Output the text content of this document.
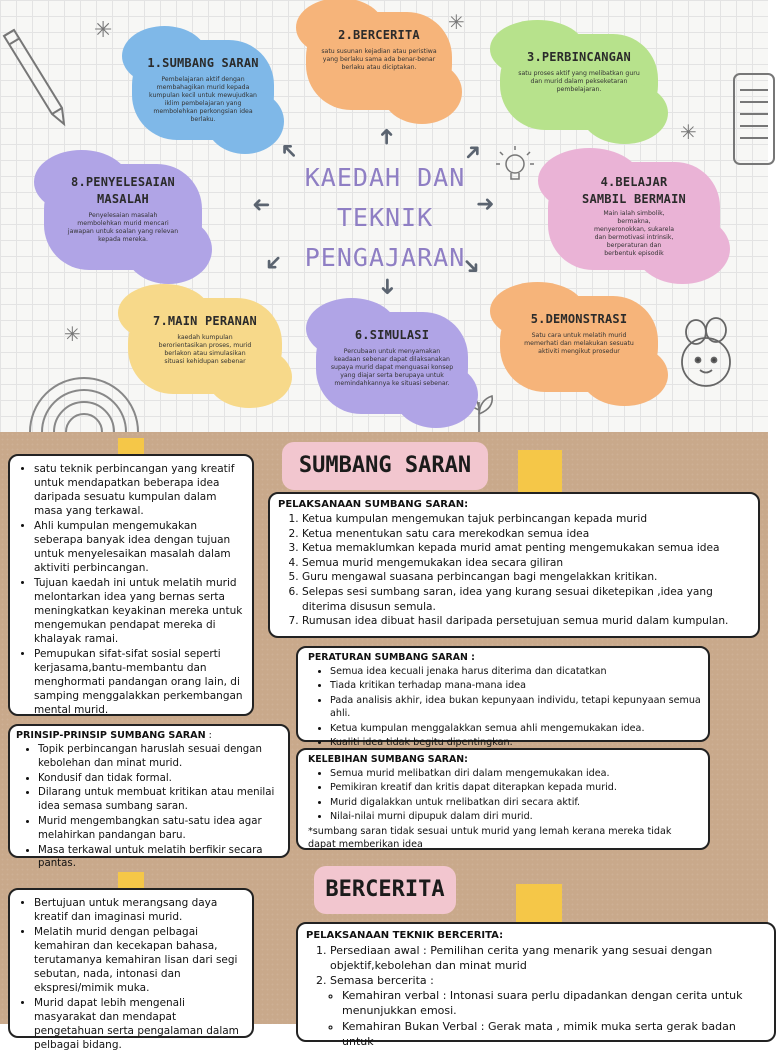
✳	✳
✳
✳
1.SUMBANG SARAN
Pembelajaran aktif dengan membahagikan murid kepada kumpulan kecil untuk mewujudkan iklim pembelajaran yang membolehkan perkongsian idea berlaku.
2.BERCERITA
satu susunan kejadian atau peristiwa yang berlaku sama ada benar-benar berlaku atau diciptakan.
3.PERBINCANGAN
satu proses aktif yang melibatkan guru dan murid dalam pekseketaran pembelajaran.
4.BELAJAR SAMBIL BERMAIN
Main ialah simbolik, bermakna, menyeronokkan, sukarela dan bermotivasi intrinsik, berperaturan dan berbentuk episodik
5.DEMONSTRASI
Satu cara untuk melatih murid memerhati dan melakukan sesuatu aktiviti mengikut prosedur
6.SIMULASI
Percubaan untuk menyamakan keadaan sebenar dapat dilaksanakan supaya murid dapat menguasai konsep yang diajar serta berupaya untuk memindahkannya ke situasi sebenar.
7.MAIN PERANAN
kaedah kumpulan berorientasikan proses, murid berlakon atau simulasikan situasi kehidupan sebenar
8.PENYELESAIAN MASALAH
Penyelesaian masalah membolehkan murid mencari jawapan untuk soalan yang relevan kepada mereka.
KAEDAH DAN
TEKNIK
PENGAJARAN
➜	➜
➜
➜
➜
➜
➜
➜
SUMBANG SARAN
• satu teknik perbincangan yang kreatif untuk mendapatkan beberapa idea daripada sesuatu kumpulan dalam masa yang terkawal.
• Ahli kumpulan mengemukakan seberapa banyak idea dengan tujuan untuk menyelesaikan masalah dalam aktiviti perbincangan.
• Tujuan kaedah ini untuk melatih murid melontarkan idea yang bernas serta meningkatkan keyakinan mereka untuk mengemukan pendapat mereka di khalayak ramai.
• Pemupukan sifat-sifat sosial seperti kerjasama,bantu-membantu dan menghormati pandangan orang lain, di samping menggalakkan perkembangan mental murid.
PELAKSANAAN SUMBANG SARAN:
1. Ketua kumpulan mengemukan tajuk perbincangan kepada murid
2. Ketua menentukan satu cara merekodkan semua idea
3. Ketua memaklumkan kepada murid amat penting mengemukakan semua idea
4. Semua murid mengemukakan idea secara giliran
5. Guru mengawal suasana perbincangan bagi mengelakkan kritikan.
6. Selepas sesi sumbang saran, idea yang kurang sesuai diketepikan ,idea yang diterima disusun semula.
7. Rumusan idea dibuat hasil daripada persetujuan semua murid dalam kumpulan.
PERATURAN SUMBANG SARAN :
• Semua idea kecuali jenaka harus diterima dan dicatatkan
• Tiada kritikan terhadap mana-mana idea
• Pada analisis akhir, idea bukan kepunyaan individu, tetapi kepunyaan semua ahli.
• Ketua kumpulan menggalakkan semua ahli mengemukakan idea.
• Kualiti idea tidak begitu dipentingkan.
PRINSIP-PRINSIP SUMBANG SARAN :
• Topik perbincangan haruslah sesuai dengan kebolehan dan minat murid.
• Kondusif dan tidak formal.
• Dilarang untuk membuat kritikan atau menilai idea semasa sumbang saran.
• Murid mengembangkan satu-satu idea agar melahirkan pandangan baru.
• Masa terkawal untuk melatih berfikir secara pantas.
KELEBIHAN SUMBANG SARAN:
• Semua murid melibatkan diri dalam mengemukakan idea.
• Pemikiran kreatif dan kritis dapat diterapkan kepada murid.
• Murid digalakkan untuk rnelibatkan diri secara aktif.
• Nilai-nilai murni dipupuk dalam diri murid.
*sumbang saran tidak sesuai untuk murid yang lemah kerana mereka tidak dapat memberikan idea
BERCERITA
• Bertujuan untuk merangsang daya kreatif dan imaginasi murid.
• Melatih murid dengan pelbagai kemahiran dan kecekapan bahasa, terutamanya kemahiran lisan dari segi sebutan, nada, intonasi dan ekspresi/mimik muka.
• Murid dapat lebih mengenali masyarakat dan mendapat pengetahuan serta pengalaman dalam pelbagai bidang.
PELAKSANAAN TEKNIK BERCERITA:
1. Persediaan awal : Pemilihan cerita yang menarik yang sesuai dengan objektif,kebolehan dan minat murid
2. Semasa bercerita :
◦ Kemahiran verbal : Intonasi suara perlu dipadankan dengan cerita untuk menunjukkan emosi.
◦ Kemahiran Bukan Verbal : Gerak mata , mimik muka serta gerak badan untuk
